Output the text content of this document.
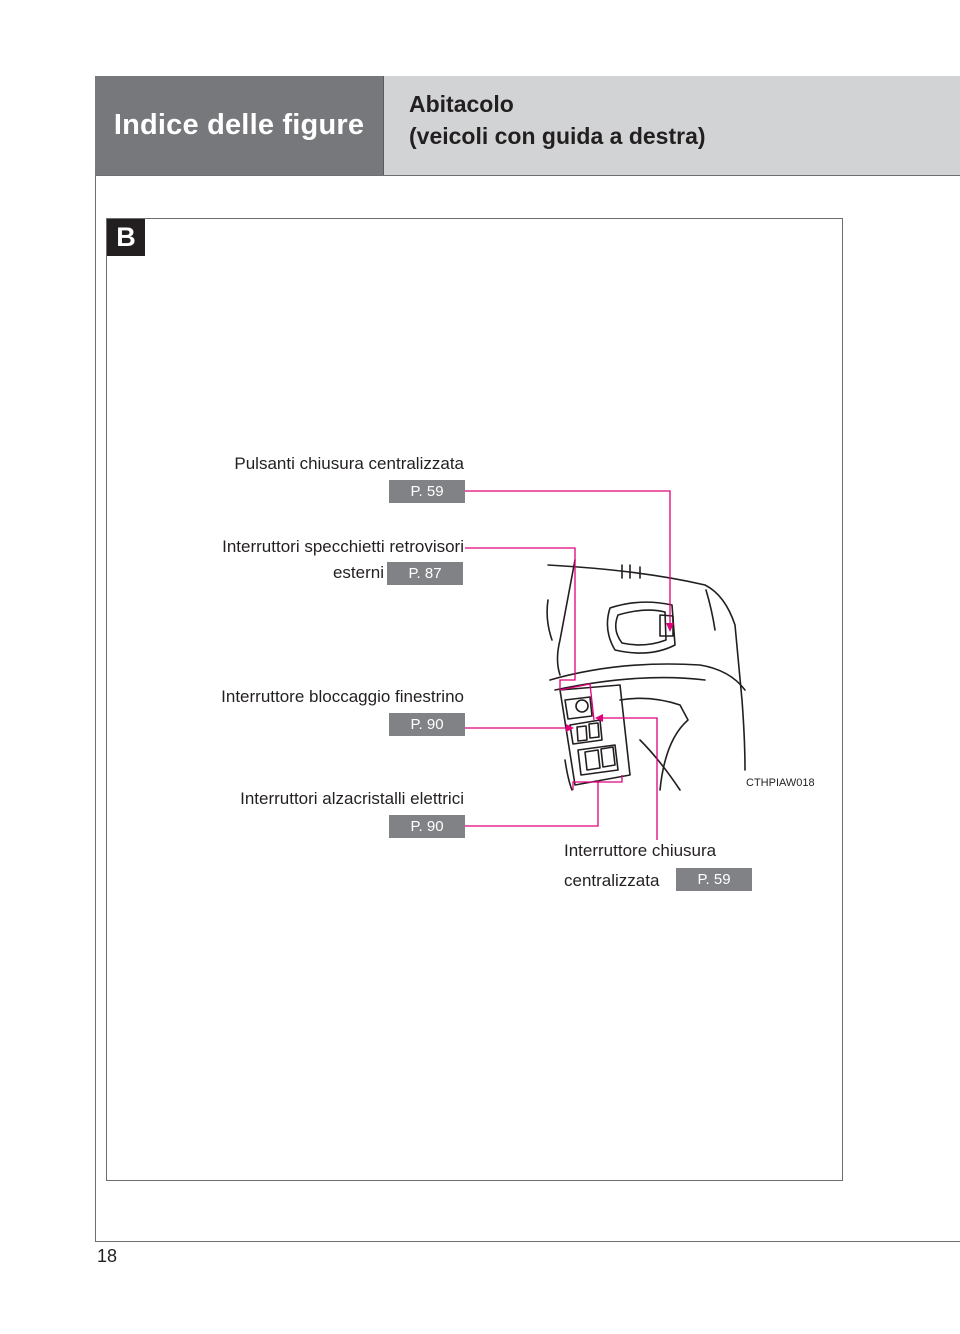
Indice delle figure
Abitacolo
(veicoli con guida a destra)
B
Pulsanti chiusura centralizzata
P. 59
Interruttori specchietti retrovisori
esterni	P. 87
Interruttore bloccaggio finestrino
P. 90
Interruttori alzacristalli elettrici
P. 90
Interruttore chiusura
centralizzata	P. 59
CTHPIAW018
18
